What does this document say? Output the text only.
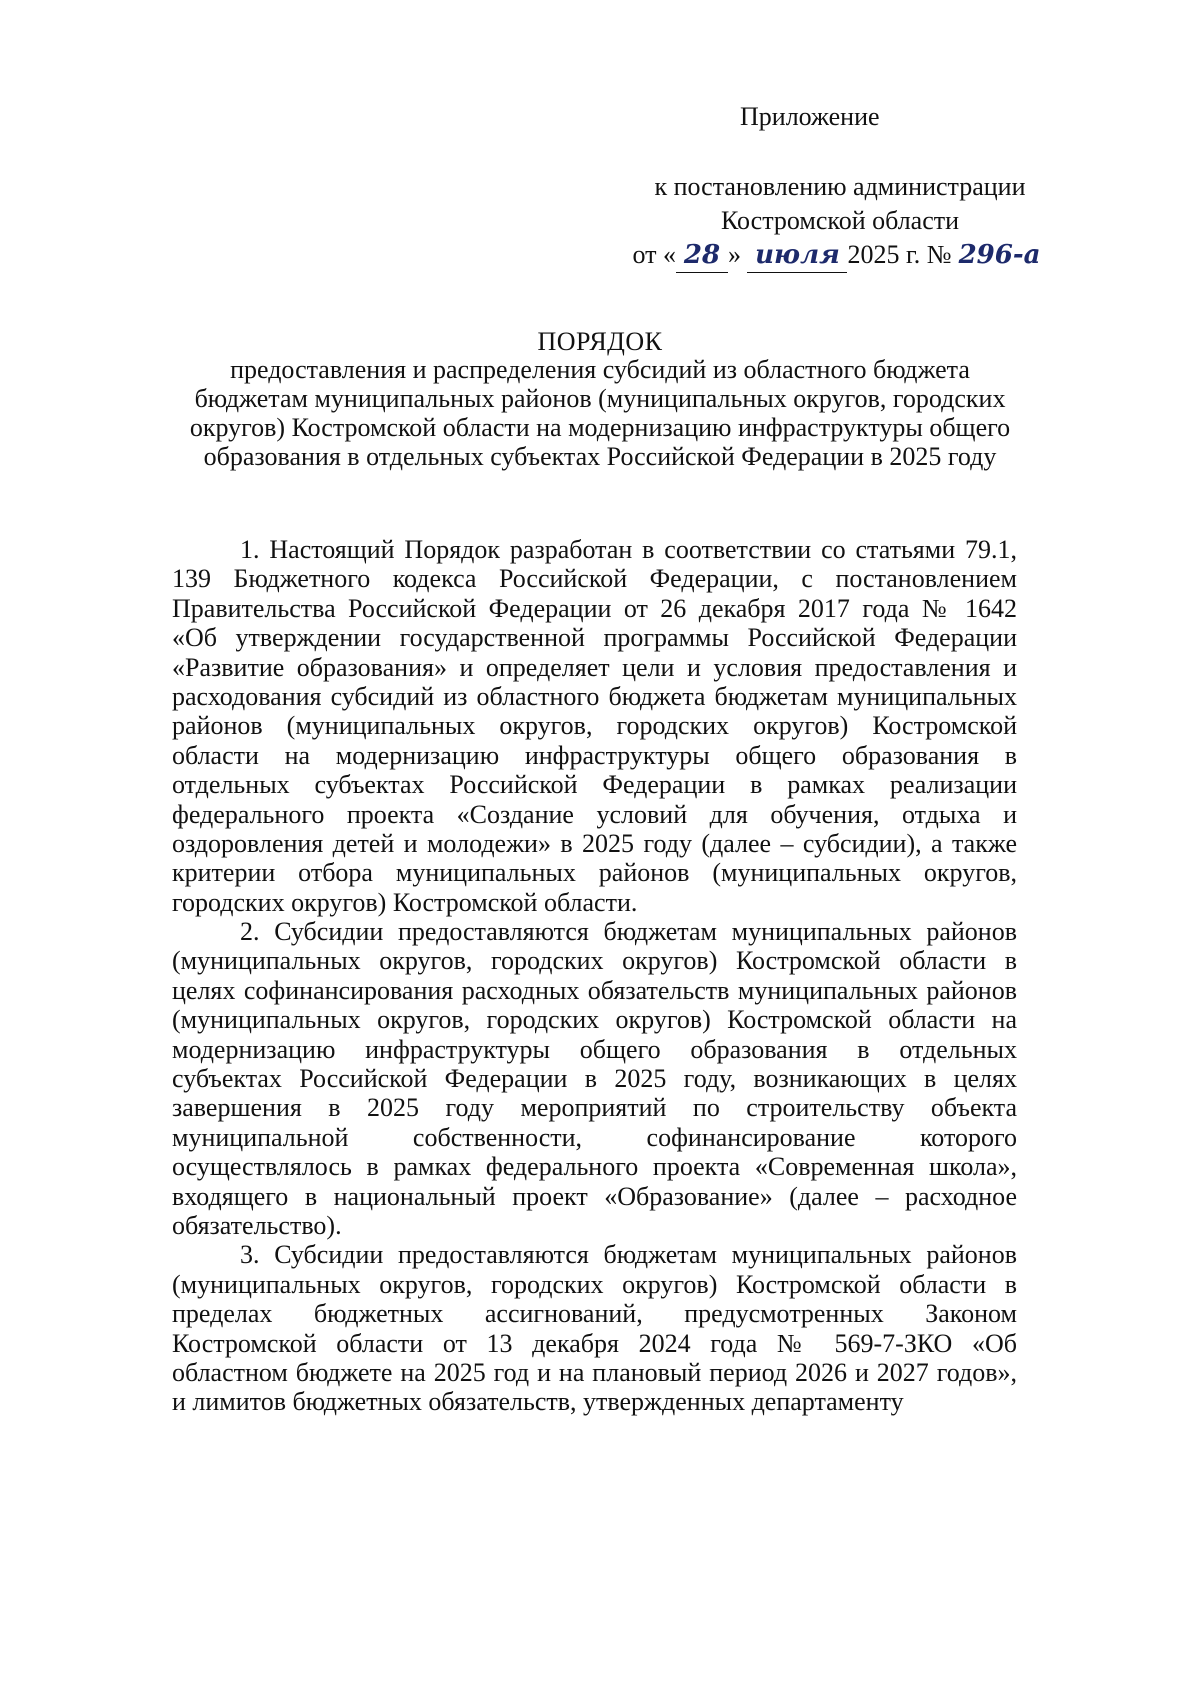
Приложение
к постановлению администрации
Костромской области
от « 28 » июля 2025 г. № 296-а
ПОРЯДОК
предоставления и распределения субсидий из областного бюджета
бюджетам муниципальных районов (муниципальных округов, городских
округов) Костромской области на модернизацию инфраструктуры общего
образования в отдельных субъектах Российской Федерации в 2025 году
1. Настоящий Порядок разработан в соответствии со статьями 79.1,
139 Бюджетного кодекса Российской Федерации, с постановлением
Правительства Российской Федерации от 26 декабря 2017 года № 1642
«Об утверждении государственной программы Российской Федерации
«Развитие образования» и определяет цели и условия предоставления и
расходования субсидий из областного бюджета бюджетам муниципальных
районов (муниципальных округов, городских округов) Костромской
области на модернизацию инфраструктуры общего образования в
отдельных субъектах Российской Федерации в рамках реализации
федерального проекта «Создание условий для обучения, отдыха и
оздоровления детей и молодежи» в 2025 году (далее – субсидии), а также
критерии отбора муниципальных районов (муниципальных округов,
городских округов) Костромской области.
2. Субсидии предоставляются бюджетам муниципальных районов
(муниципальных округов, городских округов) Костромской области в
целях софинансирования расходных обязательств муниципальных районов
(муниципальных округов, городских округов) Костромской области на
модернизацию инфраструктуры общего образования в отдельных
субъектах Российской Федерации в 2025 году, возникающих в целях
завершения в 2025 году мероприятий по строительству объекта
муниципальной собственности, софинансирование которого
осуществлялось в рамках федерального проекта «Современная школа»,
входящего в национальный проект «Образование» (далее – расходное
обязательство).
3. Субсидии предоставляются бюджетам муниципальных районов
(муниципальных округов, городских округов) Костромской области в
пределах бюджетных ассигнований, предусмотренных Законом
Костромской области от 13 декабря 2024 года № 569-7-ЗКО «Об
областном бюджете на 2025 год и на плановый период 2026 и 2027 годов»,
и лимитов бюджетных обязательств, утвержденных департаменту
